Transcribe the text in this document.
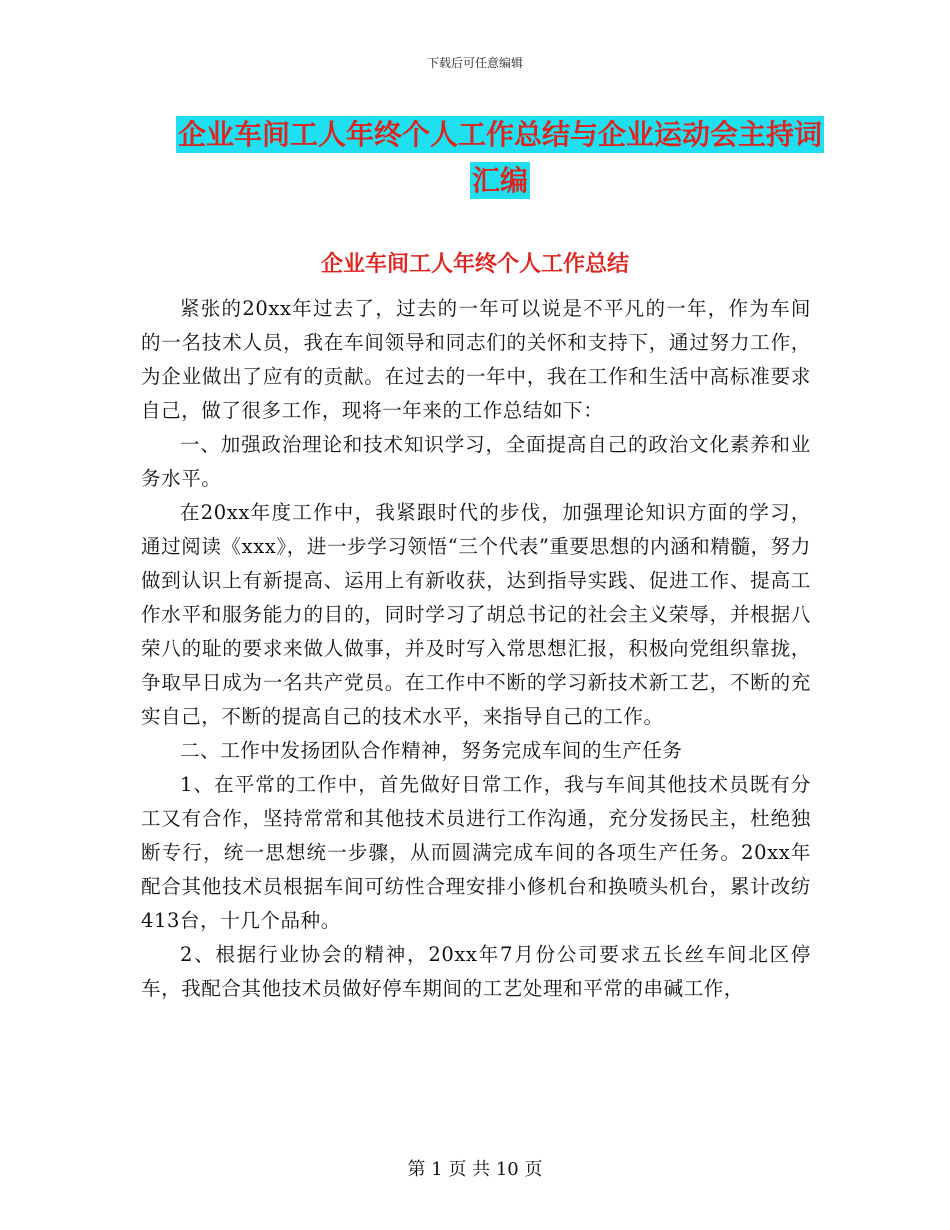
下载后可任意编辑
企业车间工人年终个人工作总结与企业运动会主持词
汇编
企业车间工人年终个人工作总结

紧张的20xx年过去了，过去的一年可以说是不平凡的一年，作为车间的一名技术人员，我在车间领导和同志们的关怀和支持下，通过努力工作，为企业做出了应有的贡献。在过去的一年中，我在工作和生活中高标准要求自己，做了很多工作，现将一年来的工作总结如下：

一、加强政治理论和技术知识学习，全面提高自己的政治文化素养和业务水平。

在20xx年度工作中，我紧跟时代的步伐，加强理论知识方面的学习，通过阅读《xxx》，进一步学习领悟“三个代表”重要思想的内涵和精髓，努力做到认识上有新提高、运用上有新收获，达到指导实践、促进工作、提高工作水平和服务能力的目的，同时学习了胡总书记的社会主义荣辱，并根据八荣八的耻的要求来做人做事，并及时写入常思想汇报，积极向党组织靠拢，争取早日成为一名共产党员。在工作中不断的学习新技术新工艺，不断的充实自己，不断的提高自己的技术水平，来指导自己的工作。

二、工作中发扬团队合作精神，努务完成车间的生产任务

1、在平常的工作中，首先做好日常工作，我与车间其他技术员既有分工又有合作，坚持常常和其他技术员进行工作沟通，充分发扬民主，杜绝独断专行，统一思想统一步骤，从而圆满完成车间的各项生产任务。20xx年配合其他技术员根据车间可纺性合理安排小修机台和换喷头机台，累计改纺413台，十几个品种。

2、根据行业协会的精神，20xx年7月份公司要求五长丝车间北区停车，我配合其他技术员做好停车期间的工艺处理和平常的串碱工作，

第 1 页 共 10 页
